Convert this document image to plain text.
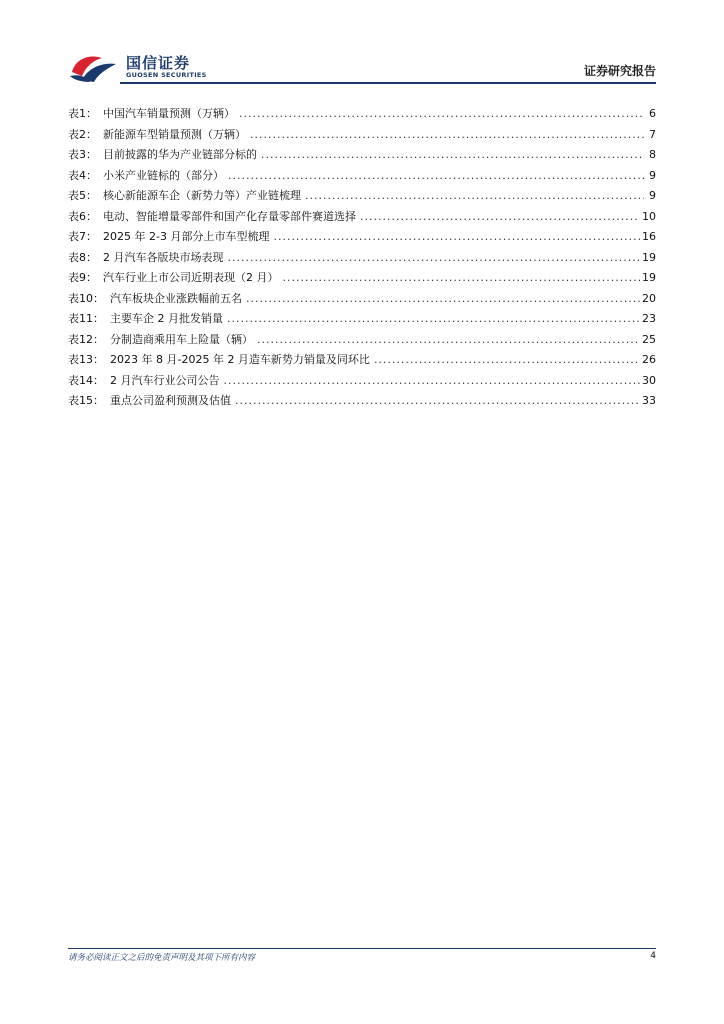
国信证券
GUOSEN SECURITIES	证券研究报告
表1： 中国汽车销量预测（万辆） .....	6
表2： 新能源车型销量预测（万辆） .....	7
表3： 目前披露的华为产业链部分标的 .....	8
表4： 小米产业链标的（部分） .....	9
表5： 核心新能源车企（新势力等）产业链梳理 .....	9
表6： 电动、智能增量零部件和国产化存量零部件赛道选择 .....	10
表7： 2025 年 2-3 月部分上市车型梳理 .....	16
表8： 2 月汽车各版块市场表现 .....	19
表9： 汽车行业上市公司近期表现（2 月） .....	19
表10： 汽车板块企业涨跌幅前五名 .....	20
表11： 主要车企 2 月批发销量 .....	23
表12： 分制造商乘用车上险量（辆） .....	25
表13： 2023 年 8 月-2025 年 2 月造车新势力销量及同环比 .....	26
表14： 2 月汽车行业公司公告 .....	30
表15： 重点公司盈利预测及估值 .....	33
请务必阅读正文之后的免责声明及其项下所有内容	4
